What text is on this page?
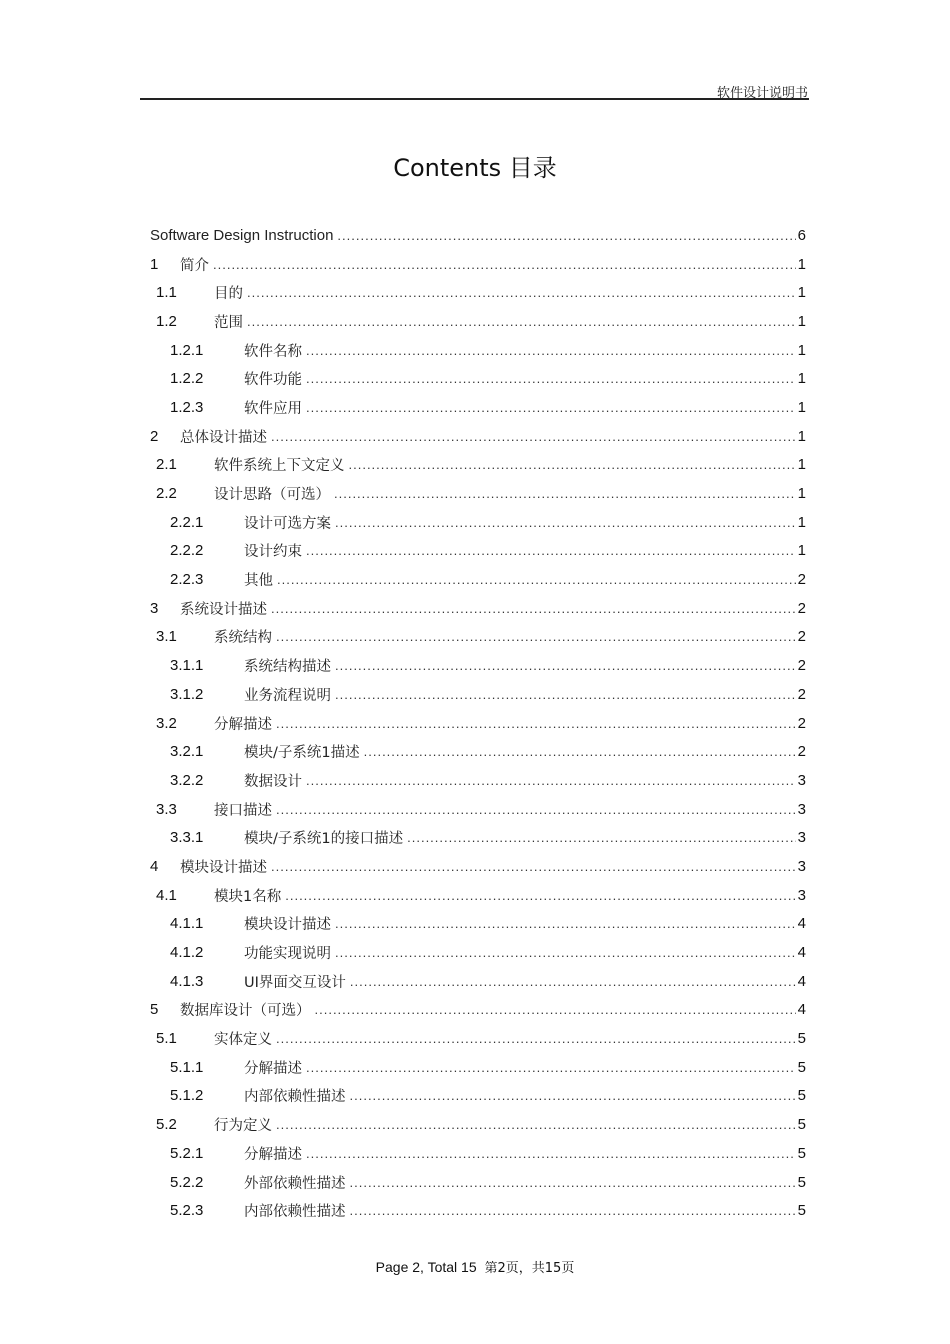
软件设计说明书
Contents 目录
Software Design Instruction .....	6
1	简介 .....	1
1.1	目的 .....	1
1.2	范围 .....	1
1.2.1	软件名称 .....	1
1.2.2	软件功能 .....	1
1.2.3	软件应用 .....	1
2	总体设计描述 .....	1
2.1	软件系统上下文定义 .....	1
2.2	设计思路（可选） .....	1
2.2.1	设计可选方案 .....	1
2.2.2	设计约束 .....	1
2.2.3	其他 .....	2
3	系统设计描述 .....	2
3.1	系统结构 .....	2
3.1.1	系统结构描述 .....	2
3.1.2	业务流程说明 .....	2
3.2	分解描述 .....	2
3.2.1	模块/子系统1描述 .....	2
3.2.2	数据设计 .....	3
3.3	接口描述 .....	3
3.3.1	模块/子系统1的接口描述 .....	3
4	模块设计描述 .....	3
4.1	模块1名称 .....	3
4.1.1	模块设计描述 .....	4
4.1.2	功能实现说明 .....	4
4.1.3	UI界面交互设计 .....	4
5	数据库设计（可选） .....	4
5.1	实体定义 .....	5
5.1.1	分解描述 .....	5
5.1.2	内部依赖性描述 .....	5
5.2	行为定义 .....	5
5.2.1	分解描述 .....	5
5.2.2	外部依赖性描述 .....	5
5.2.3	内部依赖性描述 .....	5
Page 2, Total 15 第2页，共15页
